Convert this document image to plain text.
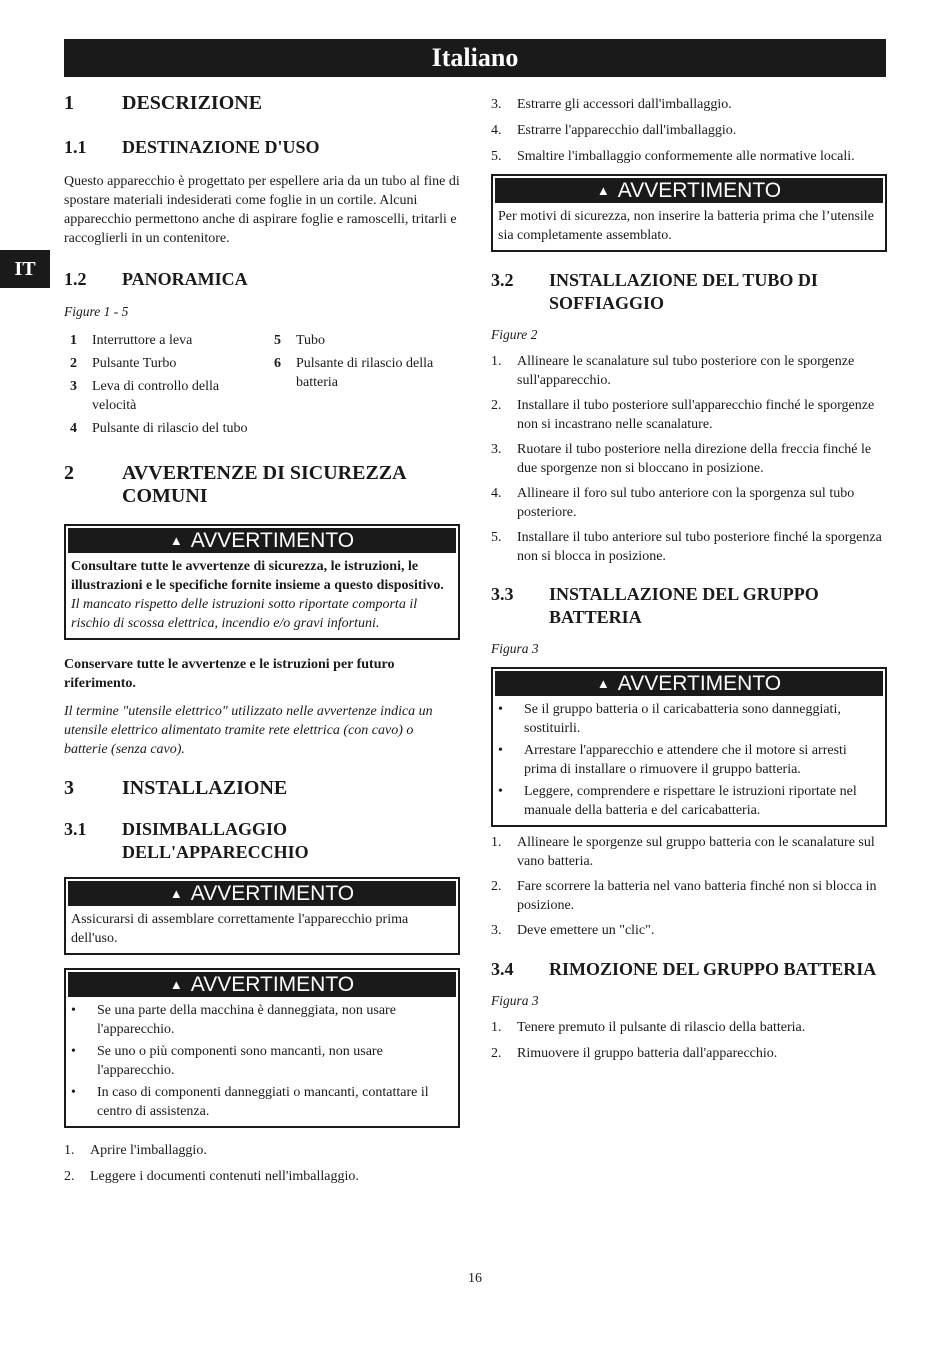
Italiano
IT
1	DESCRIZIONE
1.1	DESTINAZIONE D'USO

Questo apparecchio è progettato per espellere aria da un tubo al fine di spostare materiali indesiderati come foglie in un cortile. Alcuni apparecchio permettono anche di aspirare foglie e ramoscelli, tritarli e raccoglierli in un contenitore.

1.2	PANORAMICA
Figure 1 - 5
1	Interruttore a leva
2	Pulsante Turbo
3	Leva di controllo della velocità
4	Pulsante di rilascio del tubo
5	Tubo
6	Pulsante di rilascio della batteria
2	AVVERTENZE DI SICUREZZA COMUNI
▲ AVVERTIMENTO
Consultare tutte le avvertenze di sicurezza, le istruzioni, le illustrazioni e le specifiche fornite insieme a questo dispositivo. Il mancato rispetto delle istruzioni sotto riportate comporta il rischio di scossa elettrica, incendio e/o gravi infortuni.

Conservare tutte le avvertenze e le istruzioni per futuro riferimento.

Il termine "utensile elettrico" utilizzato nelle avvertenze indica un utensile elettrico alimentato tramite rete elettrica (con cavo) o batterie (senza cavo).

3	INSTALLAZIONE
3.1	DISIMBALLAGGIO DELL'APPARECCHIO
▲ AVVERTIMENTO
Assicurarsi di assemblare correttamente l'apparecchio prima dell'uso.
▲ AVVERTIMENTO
•	Se una parte della macchina è danneggiata, non usare l'apparecchio.
•	Se uno o più componenti sono mancanti, non usare l'apparecchio.
•	In caso di componenti danneggiati o mancanti, contattare il centro di assistenza.
1.	Aprire l'imballaggio.
2.	Leggere i documenti contenuti nell'imballaggio.
3.	Estrarre gli accessori dall'imballaggio.
4.	Estrarre l'apparecchio dall'imballaggio.
5.	Smaltire l'imballaggio conformemente alle normative locali.
▲ AVVERTIMENTO
Per motivi di sicurezza, non inserire la batteria prima che l’utensile sia completamente assemblato.
3.2	INSTALLAZIONE DEL TUBO DI SOFFIAGGIO
Figure 2
1.	Allineare le scanalature sul tubo posteriore con le sporgenze sull'apparecchio.
2.	Installare il tubo posteriore sull'apparecchio finché le sporgenze non si incastrano nelle scanalature.
3.	Ruotare il tubo posteriore nella direzione della freccia finché le due sporgenze non si bloccano in posizione.
4.	Allineare il foro sul tubo anteriore con la sporgenza sul tubo posteriore.
5.	Installare il tubo anteriore sul tubo posteriore finché la sporgenza non si blocca in posizione.
3.3	INSTALLAZIONE DEL GRUPPO BATTERIA
Figura 3
▲ AVVERTIMENTO
•	Se il gruppo batteria o il caricabatteria sono danneggiati, sostituirli.
•	Arrestare l'apparecchio e attendere che il motore si arresti prima di installare o rimuovere il gruppo batteria.
•	Leggere, comprendere e rispettare le istruzioni riportate nel manuale della batteria e del caricabatteria.
1.	Allineare le sporgenze sul gruppo batteria con le scanalature sul vano batteria.
2.	Fare scorrere la batteria nel vano batteria finché non si blocca in posizione.
3.	Deve emettere un "clic".
3.4	RIMOZIONE DEL GRUPPO BATTERIA
Figura 3
1.	Tenere premuto il pulsante di rilascio della batteria.
2.	Rimuovere il gruppo batteria dall'apparecchio.
16
